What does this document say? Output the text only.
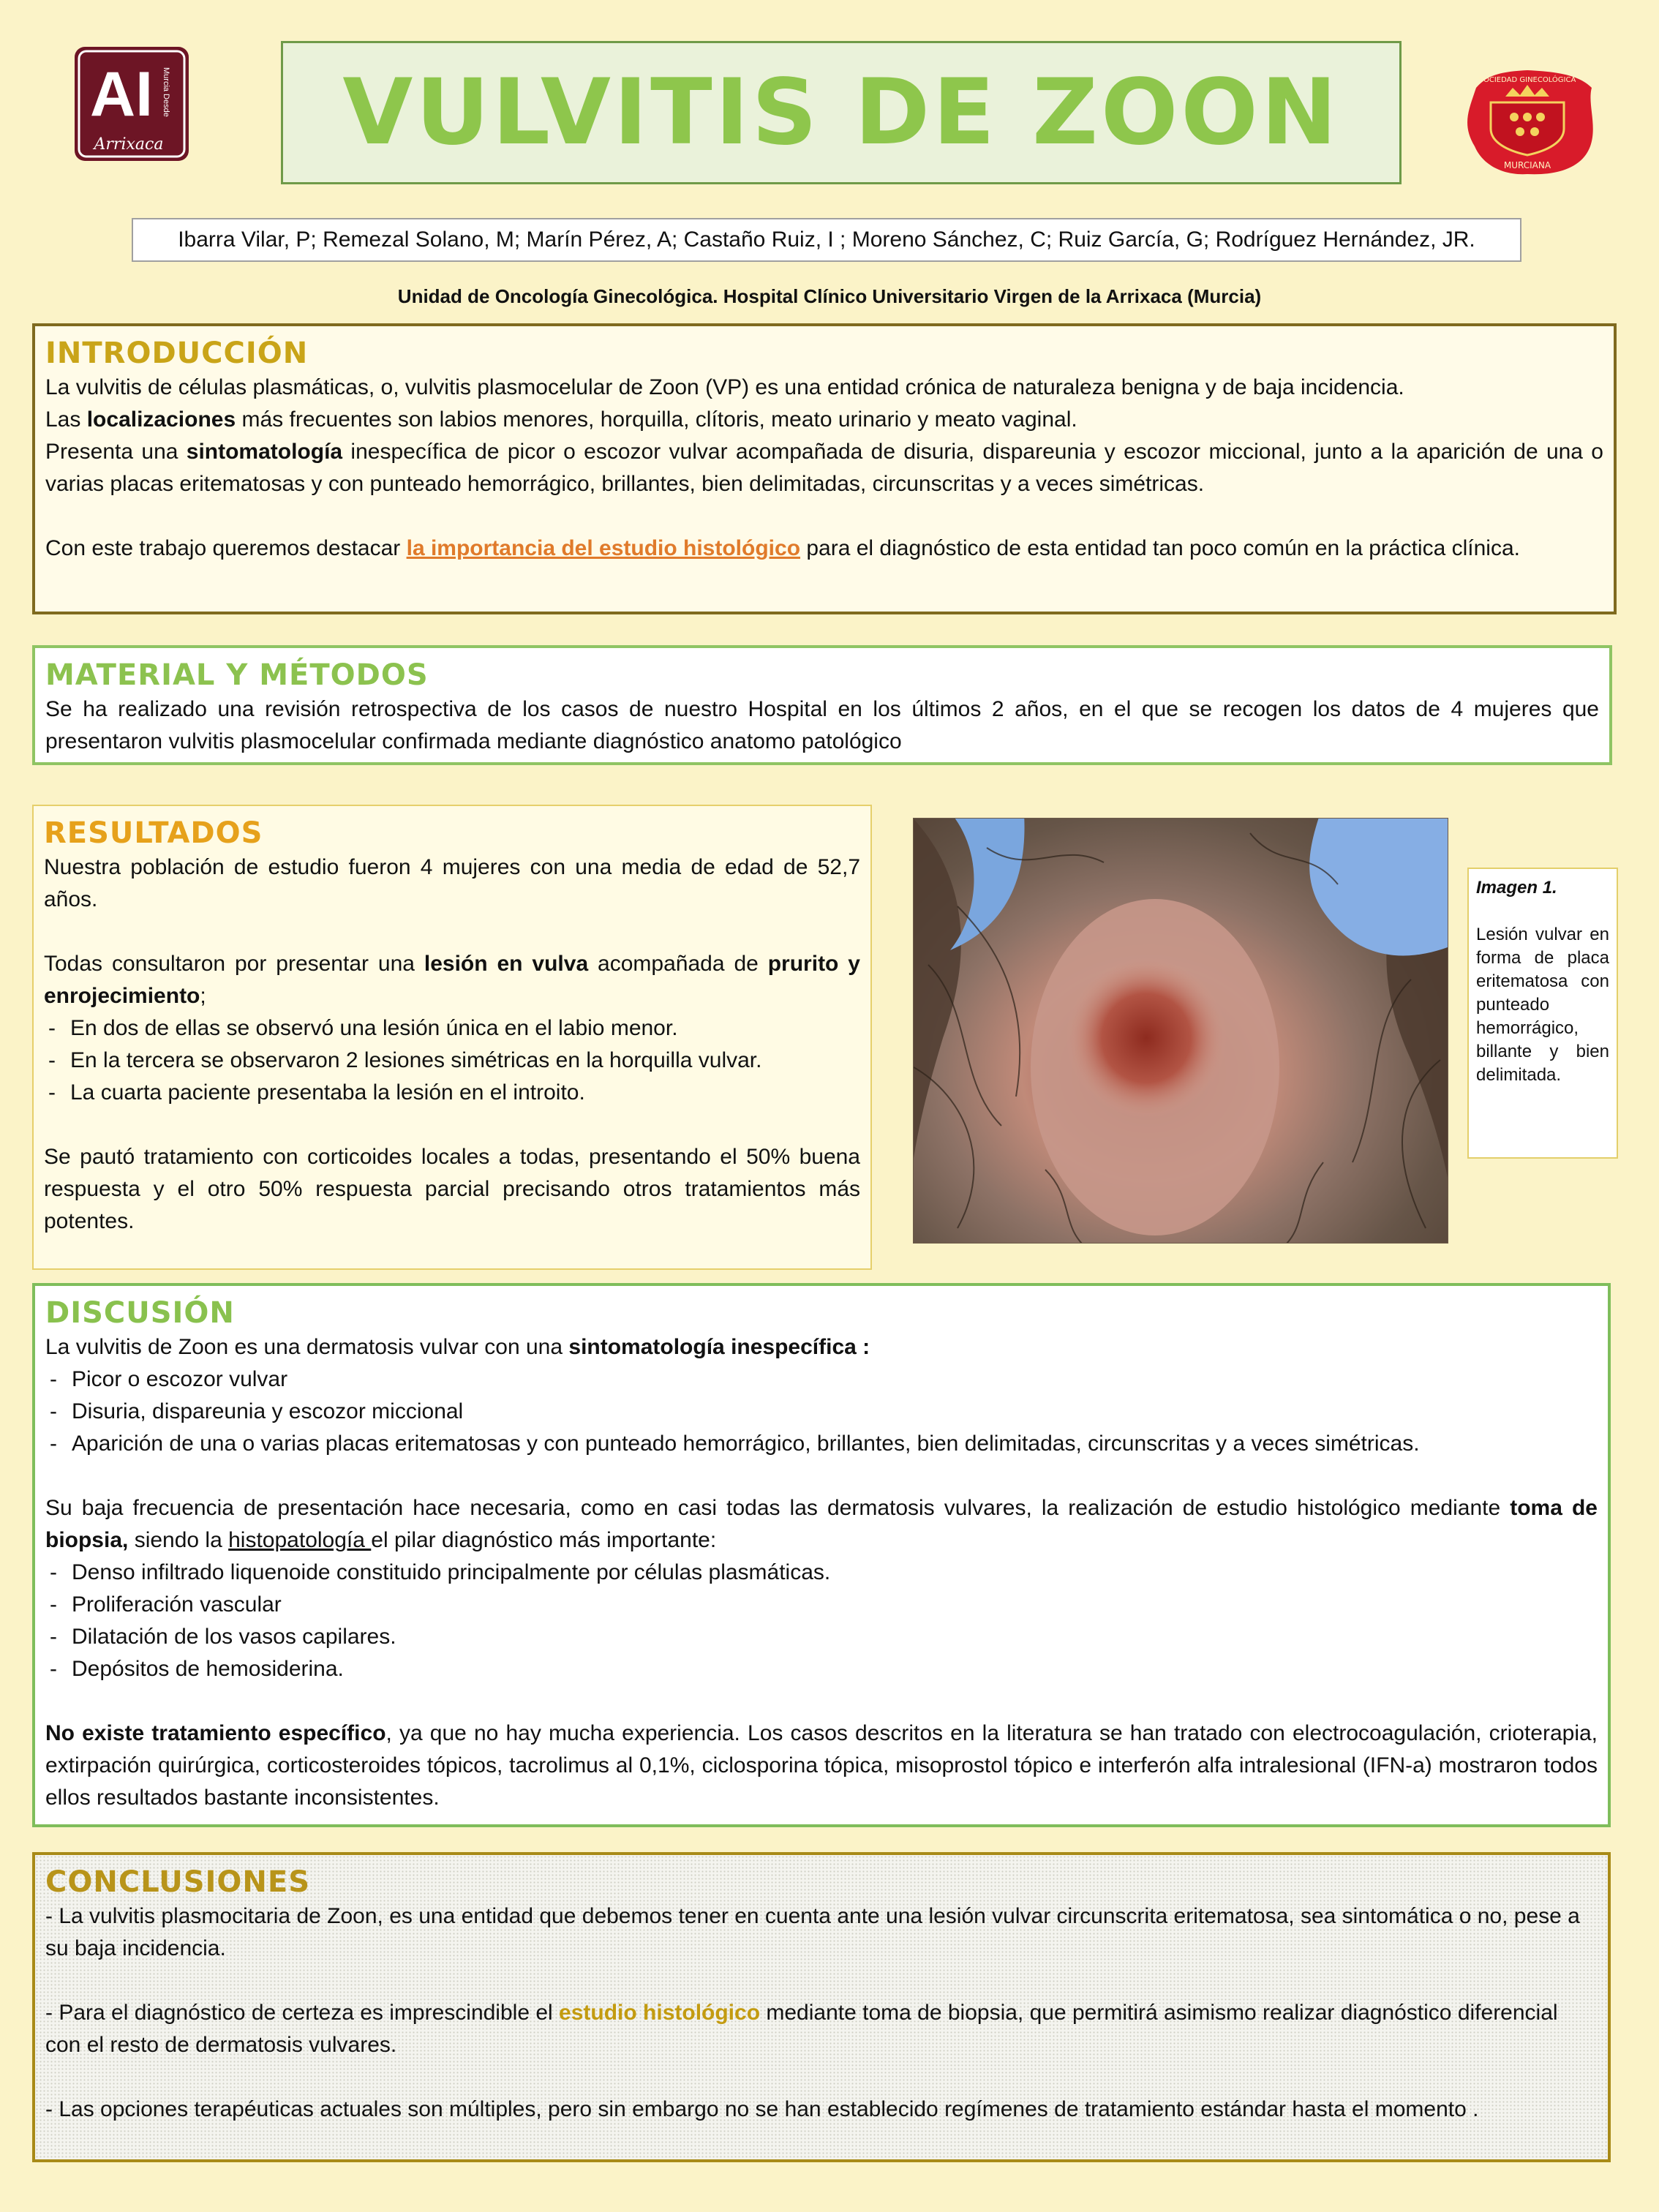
AI Murcia Desde
Arrixaca VULVITIS DE ZOON	SOCIEDAD GINECOLÓGICA
MURCIANA
Ibarra Vilar, P; Remezal Solano, M; Marín Pérez, A; Castaño Ruiz, I ; Moreno Sánchez, C; Ruiz García, G; Rodríguez Hernández, JR.
Unidad de Oncología Ginecológica. Hospital Clínico Universitario Virgen de la Arrixaca (Murcia)
INTRODUCCIÓN
La vulvitis de células plasmáticas, o, vulvitis plasmocelular de Zoon (VP) es una entidad crónica de naturaleza benigna y de baja incidencia.
Las localizaciones más frecuentes son labios menores, horquilla, clítoris, meato urinario y meato vaginal.
Presenta una sintomatología inespecífica de picor o escozor vulvar acompañada de disuria, dispareunia y escozor miccional, junto a la aparición de una o varias placas eritematosas y con punteado hemorrágico, brillantes, bien delimitadas, circunscritas y a veces simétricas.
Con este trabajo queremos destacar la importancia del estudio histológico para el diagnóstico de esta entidad tan poco común en la práctica clínica.
MATERIAL Y MÉTODOS
Se ha realizado una revisión retrospectiva de los casos de nuestro Hospital en los últimos 2 años, en el que se recogen los datos de 4 mujeres que presentaron vulvitis plasmocelular confirmada mediante diagnóstico anatomo patológico
RESULTADOS
Nuestra población de estudio fueron 4 mujeres con una media de edad de 52,7 años.
Todas consultaron por presentar una lesión en vulva acompañada de prurito y enrojecimiento;
- En dos de ellas se observó una lesión única en el labio menor.
- En la tercera se observaron 2 lesiones simétricas en la horquilla vulvar.
- La cuarta paciente presentaba la lesión en el introito.
Se pautó tratamiento con corticoides locales a todas, presentando el 50% buena respuesta y el otro 50% respuesta parcial precisando otros tratamientos más potentes.
Imagen 1.
Lesión vulvar en forma de placa eritematosa con punteado hemorrágico, billante y bien delimitada.
DISCUSIÓN
La vulvitis de Zoon es una dermatosis vulvar con una sintomatología inespecífica :
- Picor o escozor vulvar
- Disuria, dispareunia y escozor miccional
- Aparición de una o varias placas eritematosas y con punteado hemorrágico, brillantes, bien delimitadas, circunscritas y a veces simétricas.
Su baja frecuencia de presentación hace necesaria, como en casi todas las dermatosis vulvares, la realización de estudio histológico mediante toma de biopsia, siendo la histopatología el pilar diagnóstico más importante:
- Denso infiltrado liquenoide constituido principalmente por células plasmáticas.
- Proliferación vascular
- Dilatación de los vasos capilares.
- Depósitos de hemosiderina.
No existe tratamiento específico, ya que no hay mucha experiencia. Los casos descritos en la literatura se han tratado con electrocoagulación, crioterapia, extirpación quirúrgica, corticosteroides tópicos, tacrolimus al 0,1%, ciclosporina tópica, misoprostol tópico e interferón alfa intralesional (IFN-a) mostraron todos ellos resultados bastante inconsistentes.
CONCLUSIONES
- La vulvitis plasmocitaria de Zoon, es una entidad que debemos tener en cuenta ante una lesión vulvar circunscrita eritematosa, sea sintomática o no, pese a su baja incidencia.
- Para el diagnóstico de certeza es imprescindible el estudio histológico mediante toma de biopsia, que permitirá asimismo realizar diagnóstico diferencial con el resto de dermatosis vulvares.
- Las opciones terapéuticas actuales son múltiples, pero sin embargo no se han establecido regímenes de tratamiento estándar hasta el momento .
